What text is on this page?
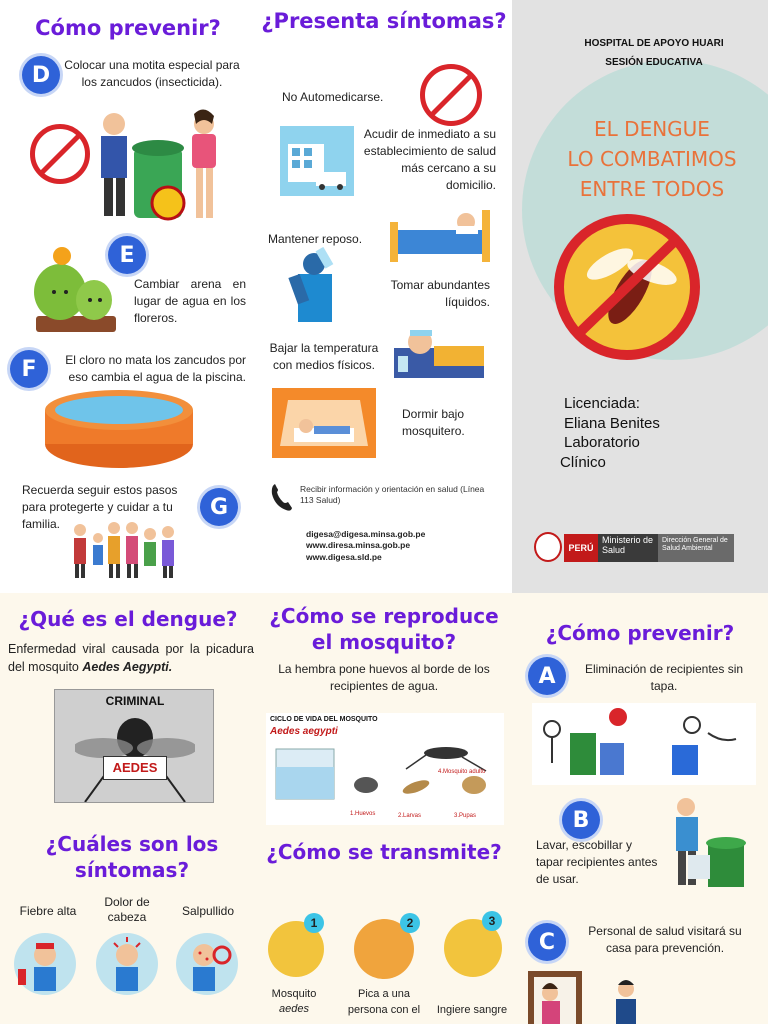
Cómo prevenir?
D	Colocar una motita especial para los zancudos (insecticida).
E
Cambiar arena en lugar de agua en los floreros.
F	El cloro no mata los zancudos por eso cambia el agua de la piscina.
Recuerda seguir estos pasos para protegerte y cuidar a tu familia.
G
¿Presenta síntomas?
No Automedicarse.
Acudir de inmediato a su establecimiento de salud más cercano a su domicilio.
Mantener reposo.
Tomar abundantes líquidos.
Bajar la temperatura con medios físicos.
Dormir bajo mosquitero.
Recibir información y orientación en salud (Línea 113 Salud)
digesa@digesa.minsa.gob.pe
www.diresa.minsa.gob.pe
www.digesa.sld.pe
HOSPITAL DE APOYO HUARI
SESIÓN EDUCATIVA
EL DENGUE
LO COMBATIMOS
ENTRE TODOS
Licenciada:
Eliana Benites
Laboratorio
Clínico
PERÚ
Ministerio de Salud
Dirección General de Salud Ambiental
¿Qué es el dengue?
Enfermedad viral causada por la picadura del mosquito Aedes Aegypti.
CRIMINAL
AEDES
¿Cuáles son los síntomas?
Fiebre alta
Dolor de cabeza	Salpullido
¿Cómo se reproduce el mosquito?
La hembra pone huevos al borde de los recipientes de agua.
CICLO DE VIDA DEL MOSQUITO
Aedes aegypti
1.Huevos	2.Larvas	3.Pupas
4.Mosquito adulto
¿Cómo se transmite?
1	2	3
Mosquito
aedes
Pica a una persona con el	Ingiere sangre
¿Cómo prevenir?
A	Eliminación de recipientes sin tapa.
B
Lavar, escobillar y tapar recipientes antes de usar.
C	Personal de salud visitará su casa para prevención.
